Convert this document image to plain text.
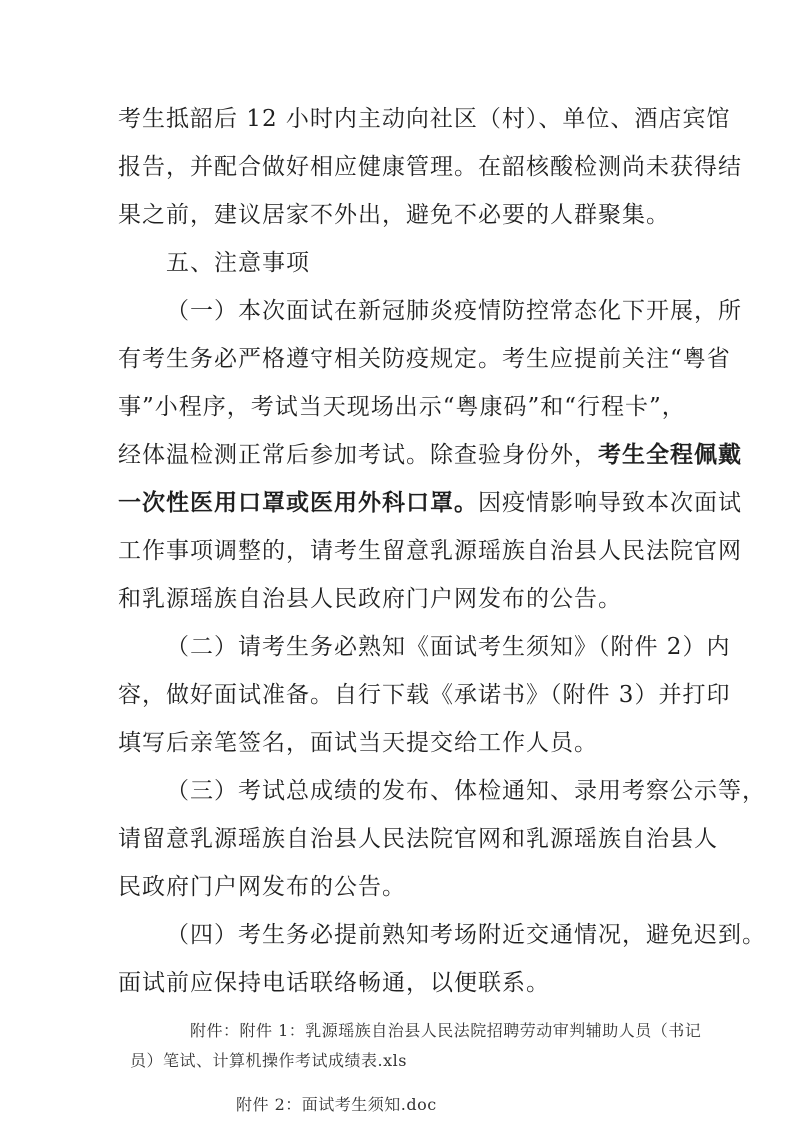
考生抵韶后 12 小时内主动向社区（村）、单位、酒店宾馆
报告，并配合做好相应健康管理。在韶核酸检测尚未获得结
果之前，建议居家不外出，避免不必要的人群聚集。
五、注意事项
（一）本次面试在新冠肺炎疫情防控常态化下开展，所
有考生务必严格遵守相关防疫规定。考生应提前关注“粤省
事”小程序，考试当天现场出示“粤康码”和“行程卡”，
经体温检测正常后参加考试。除查验身份外，考生全程佩戴
一次性医用口罩或医用外科口罩。因疫情影响导致本次面试
工作事项调整的，请考生留意乳源瑶族自治县人民法院官网
和乳源瑶族自治县人民政府门户网发布的公告。
（二）请考生务必熟知《面试考生须知》（附件 2）内
容，做好面试准备。自行下载《承诺书》（附件 3）并打印
填写后亲笔签名，面试当天提交给工作人员。
（三）考试总成绩的发布、体检通知、录用考察公示等，
请留意乳源瑶族自治县人民法院官网和乳源瑶族自治县人
民政府门户网发布的公告。
（四）考生务必提前熟知考场附近交通情况，避免迟到。
面试前应保持电话联络畅通，以便联系。
附件：附件 1：乳源瑶族自治县人民法院招聘劳动审判辅助人员（书记
员）笔试、计算机操作考试成绩表.xls
附件 2：面试考生须知.doc
